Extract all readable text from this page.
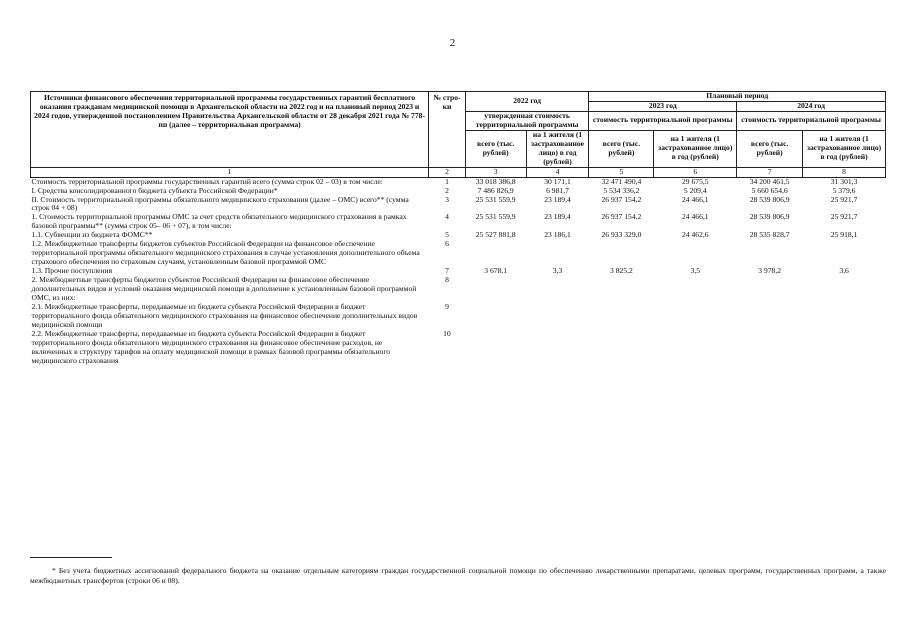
2
Источники финансового обеспечения территориальной программы государственных гарантий бесплатного оказания гражданам медицинской помощи в Архангельской области на 2022 год и на плановый период 2023 и 2024 годов, утвержденной постановлением Правительства Архангельской области от 28 декабря 2021 года № 778-пп (далее – территориальная программа)	№ стро-ки	2022 год		Плановый период			
				2023 год		2024 год	
		утвержденная стоимость территориальной программы		стоимость территориальной программы		стоимость территориальной программы	
		всего (тыс. рублей)	на 1 жителя (1 застрахованное лицо) в год (рублей)	всего (тыс. рублей)	на 1 жителя (1 застрахованное лицо) в год (рублей)	всего (тыс. рублей)	на 1 жителя (1 застрахованное лицо) в год (рублей)
1	2	3	4	5	6	7	8
Стоимость территориальной программы государственных гарантий всего (сумма строк 02 – 03) в том числе:	1	33 018 386,8	30 171,1	32 471 490,4	29 675,5	34 200 461,5	31 301,3
I. Средства консолидированного бюджета субъекта Российской Федерации*	2	7 486 826,9	6 981,7	5 534 336,2	5 209,4	5 660 654,6	5 379,6
II. Стоимость территориальной программы обязательного медицинского страхования (далее – ОМС) всего** (сумма строк 04 + 08)	3	25 531 559,9	23 189,4	26 937 154,2	24 466,1	28 539 806,9	25 921,7
1. Стоимость территориальной программы ОМС за счет средств обязательного медицинского страхования в рамках базовой программы** (сумма строк 05– 06 + 07), в том числе:	4	25 531 559,9	23 189,4	26 937 154,2	24 466,1	28 539 806,9	25 921,7
1.1. Субвенции из бюджета ФОМС**	5	25 527 881,8	23 186,1	26 933 329,0	24 462,6	28 535 828,7	25 918,1
1.2. Межбюджетные трансферты бюджетов субъектов Российской Федерации на финансовое обеспечение территориальной программы обязательного медицинского страхования в случае установления дополнительного объема страхового обеспечения по страховым случаям, установленным базовой программой ОМС	6						
1.3. Прочие поступления	7	3 678,1	3,3	3 825,2	3,5	3 978,2	3,6
2. Межбюджетные трансферты бюджетов субъектов Российской Федерации на финансовое обеспечение дополнительных видов и условий оказания медицинской помощи в дополнение к установленным базовой программой ОМС, из них:	8						
2.1. Межбюджетные трансферты, передаваемые из бюджета субъекта Российской Федерации в бюджет территориального фонда обязательного медицинского страхования на финансовое обеспечение дополнительных видов медицинской помощи	9						
2.2. Межбюджетные трансферты, передаваемые из бюджета субъекта Российской Федерации в бюджет территориального фонда обязательного медицинского страхования на финансовое обеспечение расходов, не включенных в структуру тарифов на оплату медицинской помощи в рамках базовой программы обязательного медицинского страхования	10						
* Без учета бюджетных ассигнований федерального бюджета на оказание отдельным категориям граждан государственной социальной помощи по обеспечению лекарственными препаратами, целевых программ, государственных программ, а также межбюджетных трансфертов (строки 06 и 08).
